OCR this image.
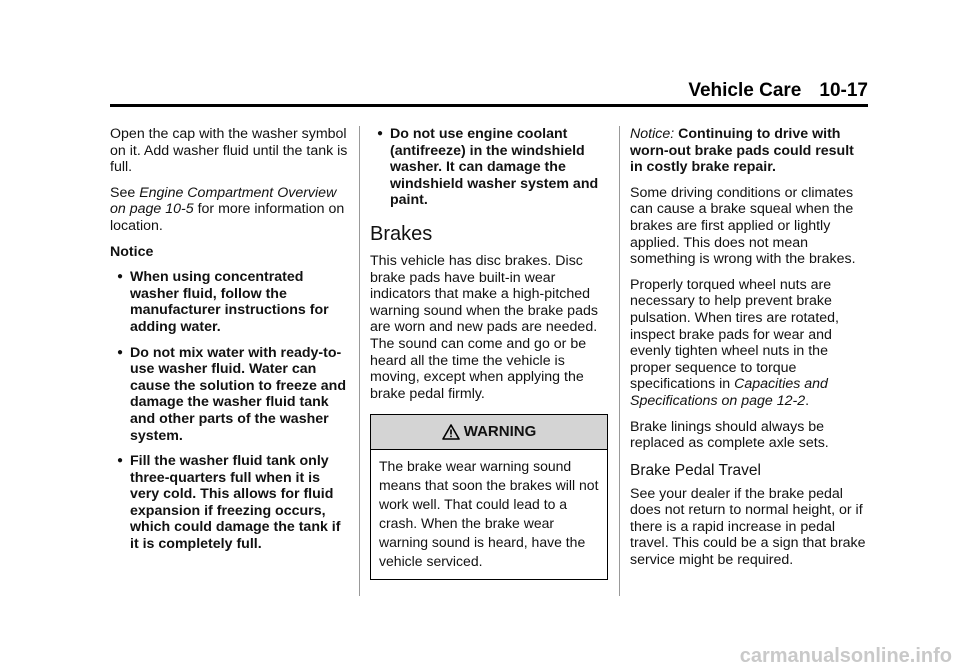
Vehicle Care 10-17

Open the cap with the washer symbol on it. Add washer fluid until the tank is full.

See Engine Compartment Overview on page 10-5 for more information on location.

Notice

● When using concentrated washer fluid, follow the manufacturer instructions for adding water.
● Do not mix water with ready-to-use washer fluid. Water can cause the solution to freeze and damage the washer fluid tank and other parts of the washer system.
● Fill the washer fluid tank only three-quarters full when it is very cold. This allows for fluid expansion if freezing occurs, which could damage the tank if it is completely full.
● Do not use engine coolant (antifreeze) in the windshield washer. It can damage the windshield washer system and paint.
Brakes

This vehicle has disc brakes. Disc brake pads have built-in wear indicators that make a high-pitched warning sound when the brake pads are worn and new pads are needed. The sound can come and go or be heard all the time the vehicle is moving, except when applying the brake pedal firmly.

WARNING
The brake wear warning sound means that soon the brakes will not work well. That could lead to a crash. When the brake wear warning sound is heard, have the vehicle serviced.

Notice: Continuing to drive with worn-out brake pads could result in costly brake repair.

Some driving conditions or climates can cause a brake squeal when the brakes are first applied or lightly applied. This does not mean something is wrong with the brakes.

Properly torqued wheel nuts are necessary to help prevent brake pulsation. When tires are rotated, inspect brake pads for wear and evenly tighten wheel nuts in the proper sequence to torque specifications in Capacities and Specifications on page 12-2.

Brake linings should always be replaced as complete axle sets.

Brake Pedal Travel

See your dealer if the brake pedal does not return to normal height, or if there is a rapid increase in pedal travel. This could be a sign that brake service might be required.

carmanualsonline.info
